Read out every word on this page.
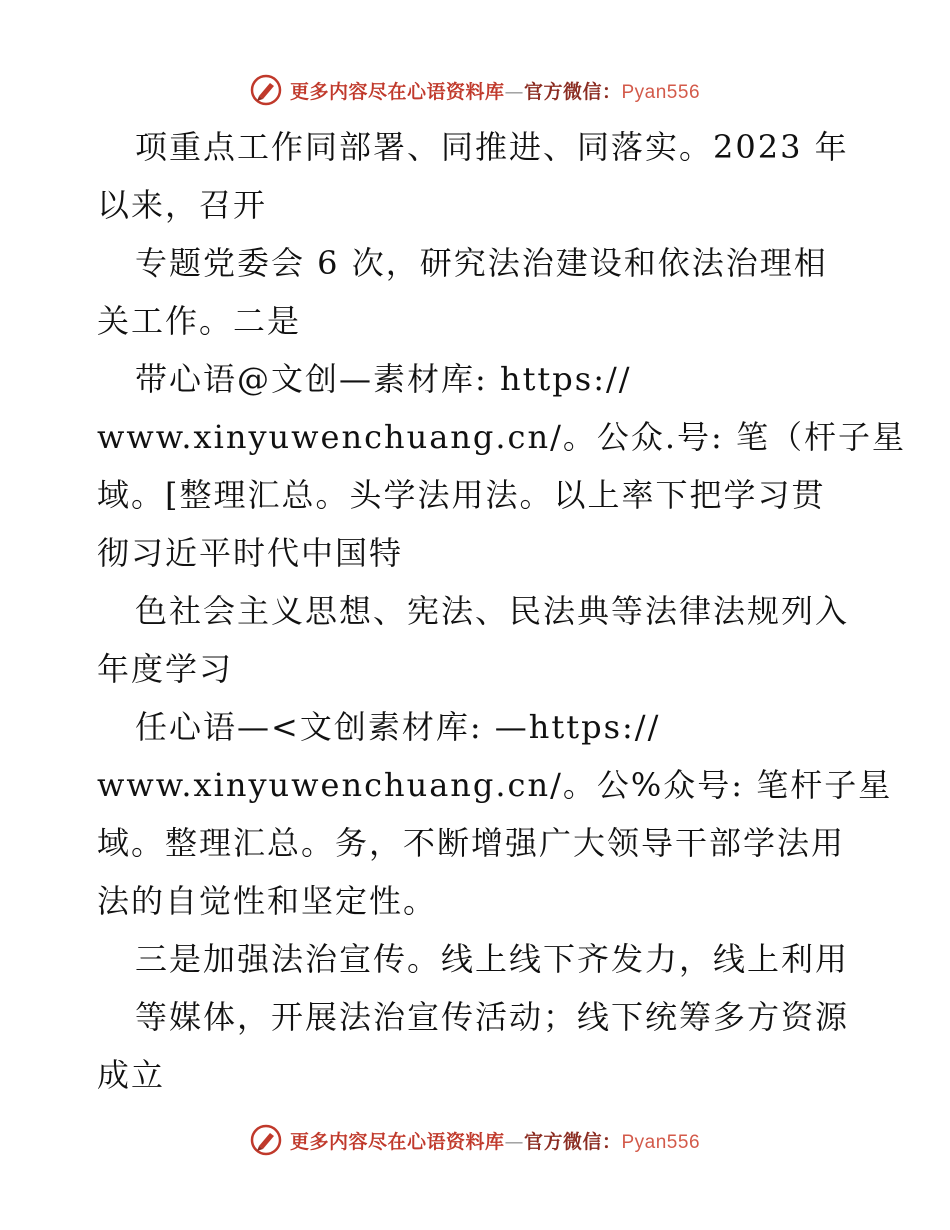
更多内容尽在心语资料库—官方微信：Pyan556
项重点工作同部署、同推进、同落实。2023 年
以来，召开
专题党委会 6 次，研究法治建设和依法治理相
关工作。二是
带心语@文创—素材库: https://
www.xinyuwenchuang.cn/。公众.号: 笔（杆子星
域。[整理汇总。头学法用法。以上率下把学习贯
彻习近平时代中国特
色社会主义思想、宪法、民法典等法律法规列入
年度学习
任心语—<文创素材库: —https://
www.xinyuwenchuang.cn/。公%众号: 笔杆子星
域。整理汇总。务，不断增强广大领导干部学法用
法的自觉性和坚定性。
三是加强法治宣传。线上线下齐发力，线上利用
等媒体，开展法治宣传活动；线下统筹多方资源
成立
更多内容尽在心语资料库—官方微信：Pyan556
